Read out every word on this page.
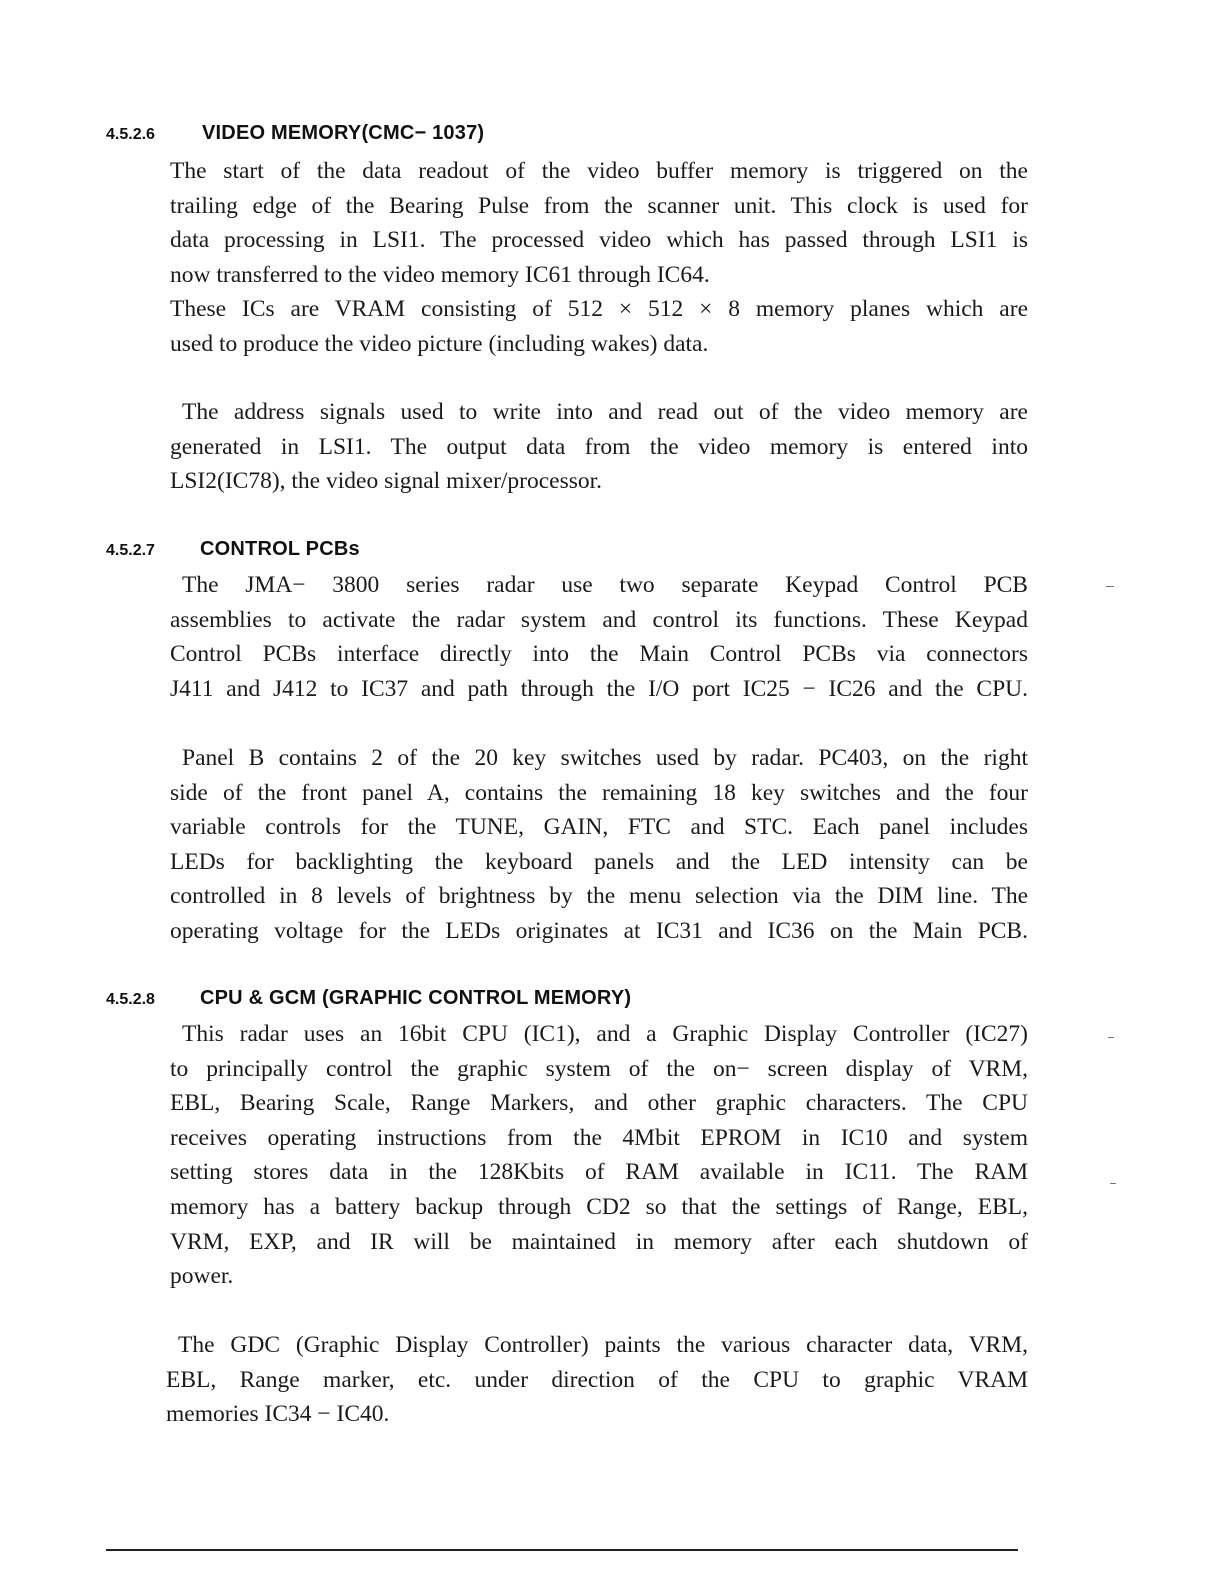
4.5.2.6 VIDEO MEMORY(CMC− 1037)

The start of the data readout of the video buffer memory is triggered on the
trailing edge of the Bearing Pulse from the scanner unit. This clock is used for
data processing in LSI1. The processed video which has passed through LSI1 is
now transferred to the video memory IC61 through IC64.
These ICs are VRAM consisting of 512 × 512 × 8 memory planes which are
used to produce the video picture (including wakes) data.

The address signals used to write into and read out of the video memory are
generated in LSI1. The output data from the video memory is entered into
LSI2(IC78), the video signal mixer/processor.

4.5.2.7 CONTROL PCBs

The JMA− 3800 series radar use two separate Keypad Control PCB
assemblies to activate the radar system and control its functions. These Keypad
Control PCBs interface directly into the Main Control PCBs via connectors
J411 and J412 to IC37 and path through the I/O port IC25 − IC26 and the CPU.

Panel B contains 2 of the 20 key switches used by radar. PC403, on the right
side of the front panel A, contains the remaining 18 key switches and the four
variable controls for the TUNE, GAIN, FTC and STC. Each panel includes
LEDs for backlighting the keyboard panels and the LED intensity can be
controlled in 8 levels of brightness by the menu selection via the DIM line. The
operating voltage for the LEDs originates at IC31 and IC36 on the Main PCB.

4.5.2.8 CPU & GCM (GRAPHIC CONTROL MEMORY)

This radar uses an 16bit CPU (IC1), and a Graphic Display Controller (IC27)
to principally control the graphic system of the on− screen display of VRM,
EBL, Bearing Scale, Range Markers, and other graphic characters. The CPU
receives operating instructions from the 4Mbit EPROM in IC10 and system
setting stores data in the 128Kbits of RAM available in IC11. The RAM
memory has a battery backup through CD2 so that the settings of Range, EBL,
VRM, EXP, and IR will be maintained in memory after each shutdown of
power.

The GDC (Graphic Display Controller) paints the various character data, VRM,
EBL, Range marker, etc. under direction of the CPU to graphic VRAM
memories IC34 − IC40.
